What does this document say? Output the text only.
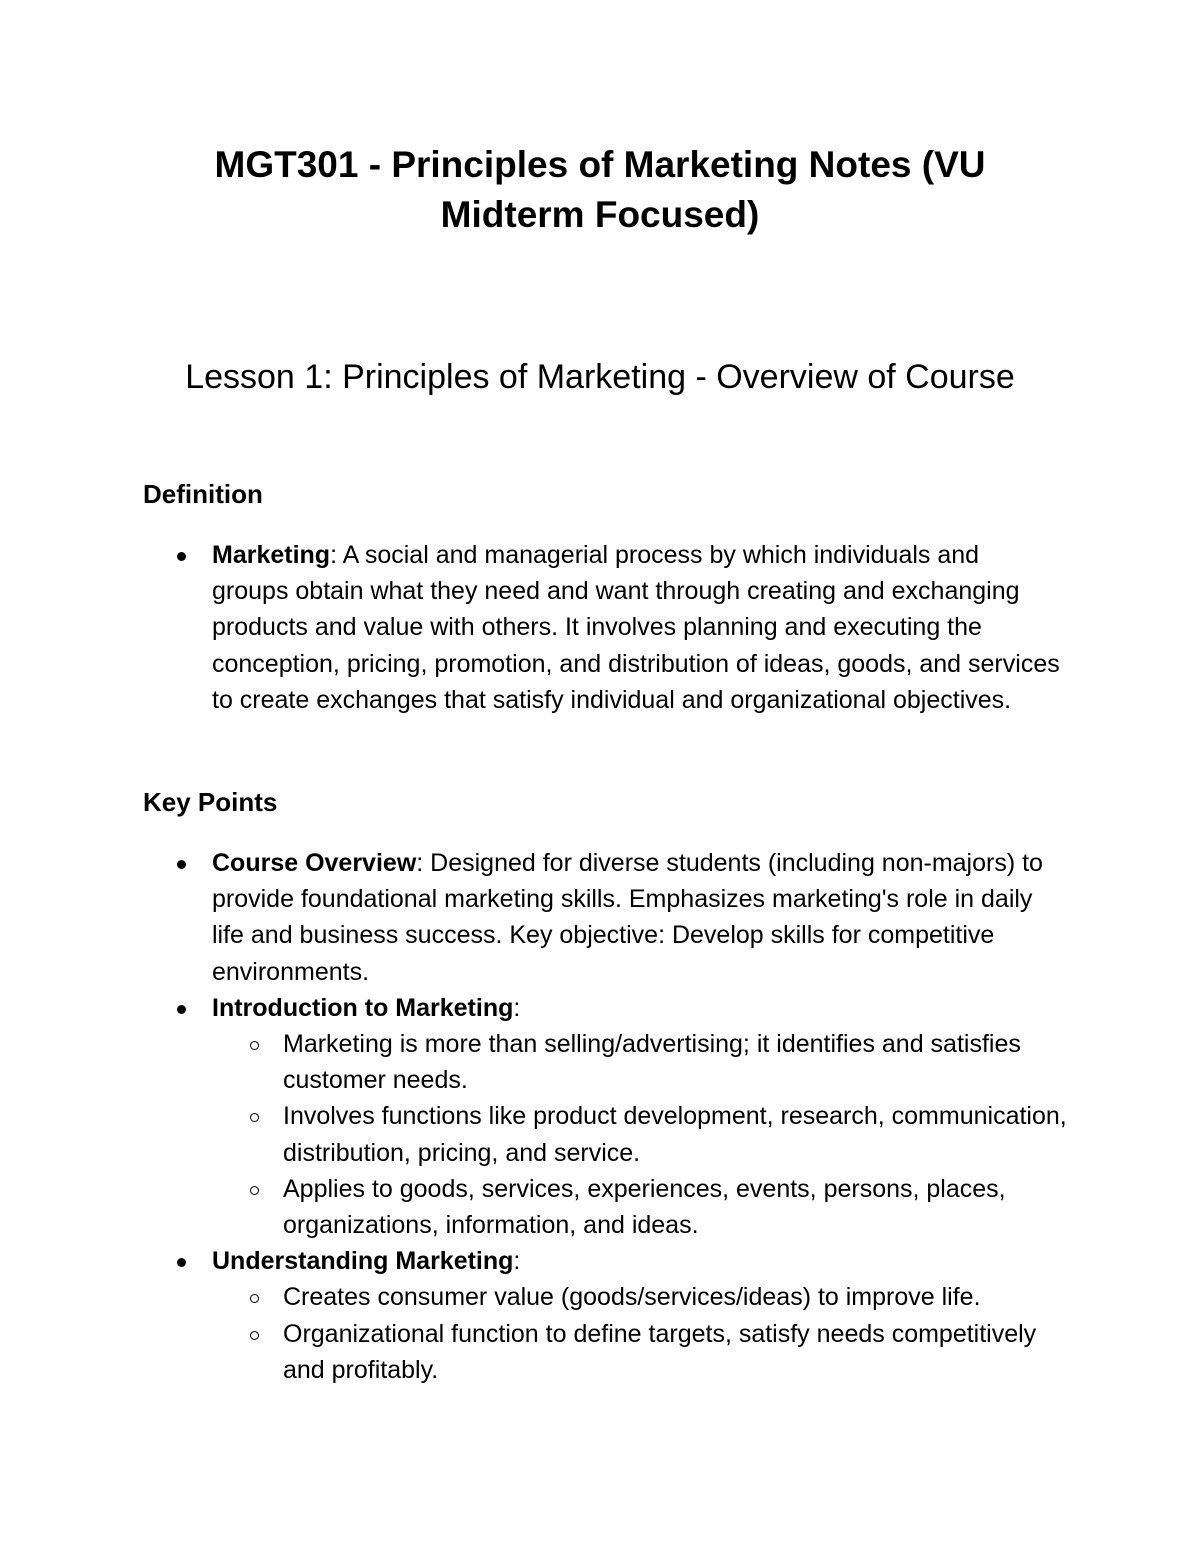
MGT301 - Principles of Marketing Notes (VU Midterm Focused)
Lesson 1: Principles of Marketing - Overview of Course
Definition
Marketing: A social and managerial process by which individuals and groups obtain what they need and want through creating and exchanging products and value with others. It involves planning and executing the conception, pricing, promotion, and distribution of ideas, goods, and services to create exchanges that satisfy individual and organizational objectives.
Key Points
Course Overview: Designed for diverse students (including non-majors) to provide foundational marketing skills. Emphasizes marketing's role in daily life and business success. Key objective: Develop skills for competitive environments.
Introduction to Marketing:
Marketing is more than selling/advertising; it identifies and satisfies customer needs.
Involves functions like product development, research, communication, distribution, pricing, and service.
Applies to goods, services, experiences, events, persons, places, organizations, information, and ideas.
Understanding Marketing:
Creates consumer value (goods/services/ideas) to improve life.
Organizational function to define targets, satisfy needs competitively and profitably.
